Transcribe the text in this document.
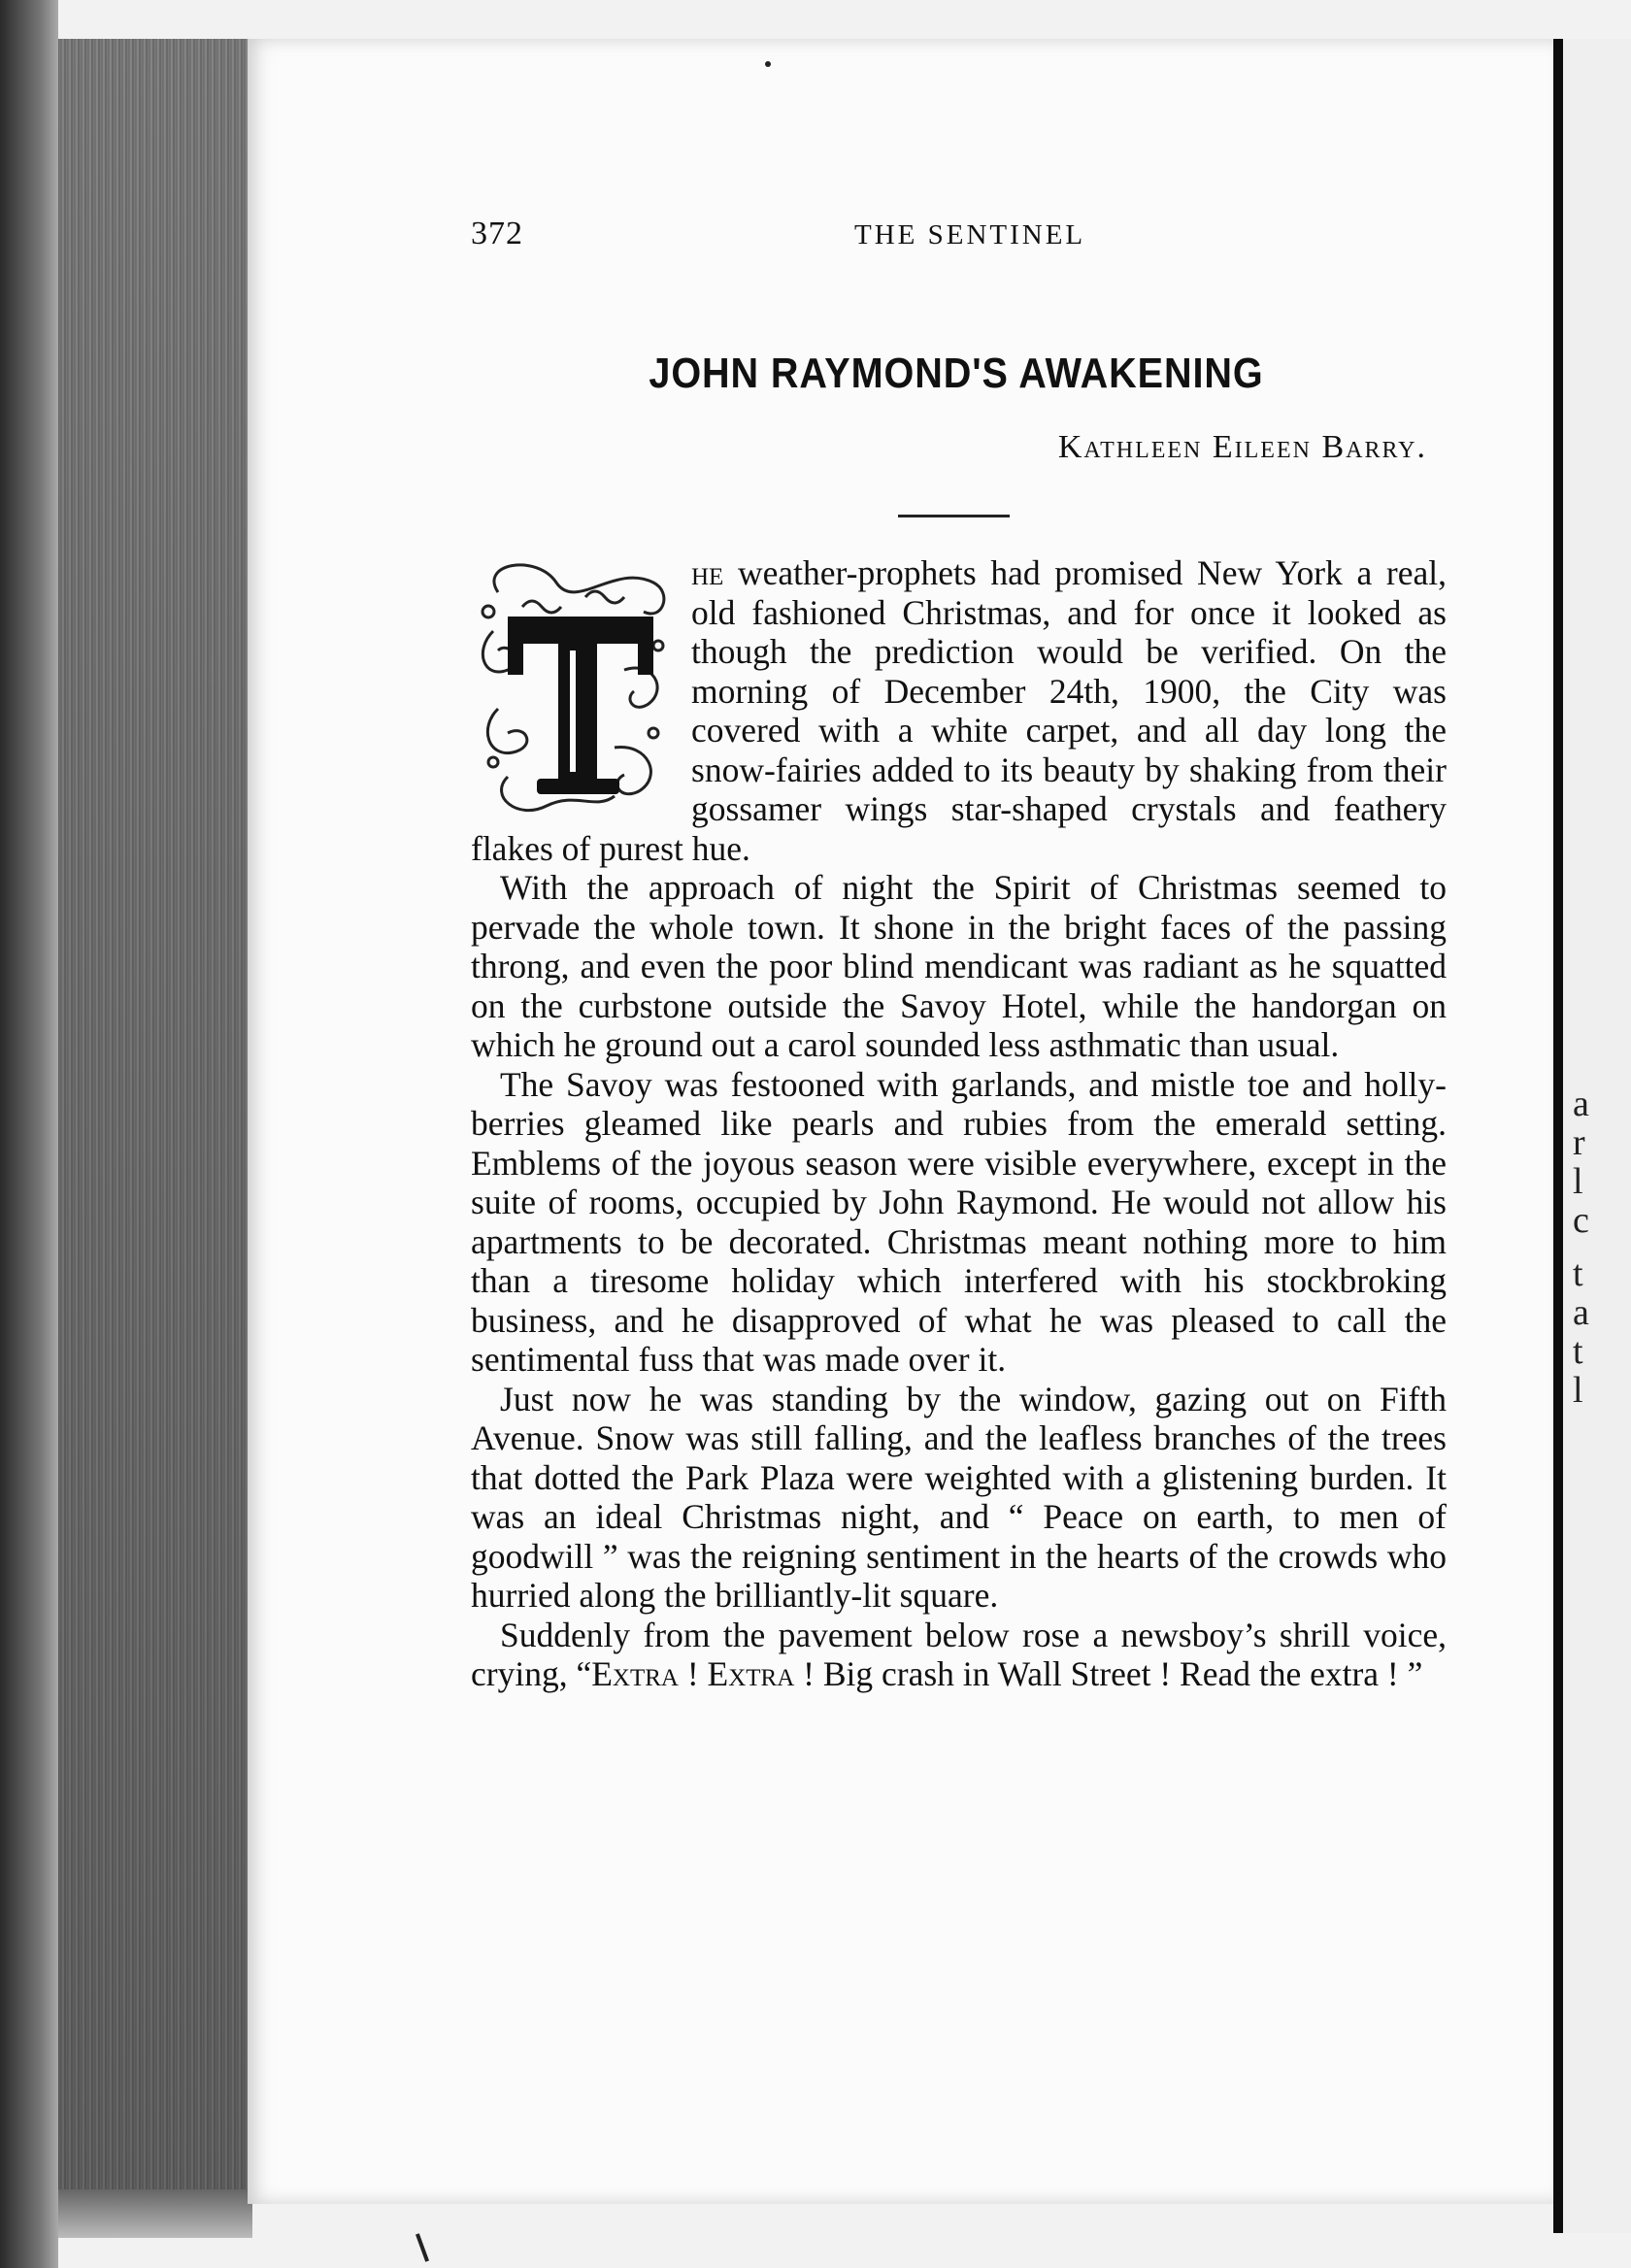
a
r
l
c
t
a
t
l
372	THE SENTINEL
JOHN RAYMOND'S AWAKENING
Kathleen Eileen Barry.

he weather-prophets had promised New York a real, old fashioned Christmas, and for once it looked as though the prediction would be verified. On the morning of December 24th, 1900, the City was covered with a white carpet, and all day long the snow-fairies added to its beauty by shaking from their gossamer wings star-shaped crystals and feathery flakes of purest hue.

With the approach of night the Spirit of Christmas seemed to pervade the whole town. It shone in the bright faces of the passing throng, and even the poor blind mendicant was radiant as he squatted on the curbstone outside the Savoy Hotel, while the handorgan on which he ground out a carol sounded less asthmatic than usual.

The Savoy was festooned with garlands, and mistle toe and holly-berries gleamed like pearls and rubies from the emerald setting. Emblems of the joyous season were visible everywhere, except in the suite of rooms, occupied by John Raymond. He would not allow his apartments to be decorated. Christmas meant nothing more to him than a tiresome holiday which interfered with his stockbroking business, and he disapproved of what he was pleased to call the sentimental fuss that was made over it.

Just now he was standing by the window, gazing out on Fifth Avenue. Snow was still falling, and the leafless branches of the trees that dotted the Park Plaza were weighted with a glistening burden. It was an ideal Christmas night, and “ Peace on earth, to men of goodwill ” was the reigning sentiment in the hearts of the crowds who hurried along the brilliantly-lit square.

Suddenly from the pavement below rose a newsboy’s shrill voice, crying, “Extra ! Extra ! Big crash in Wall Street ! Read the extra ! ”
